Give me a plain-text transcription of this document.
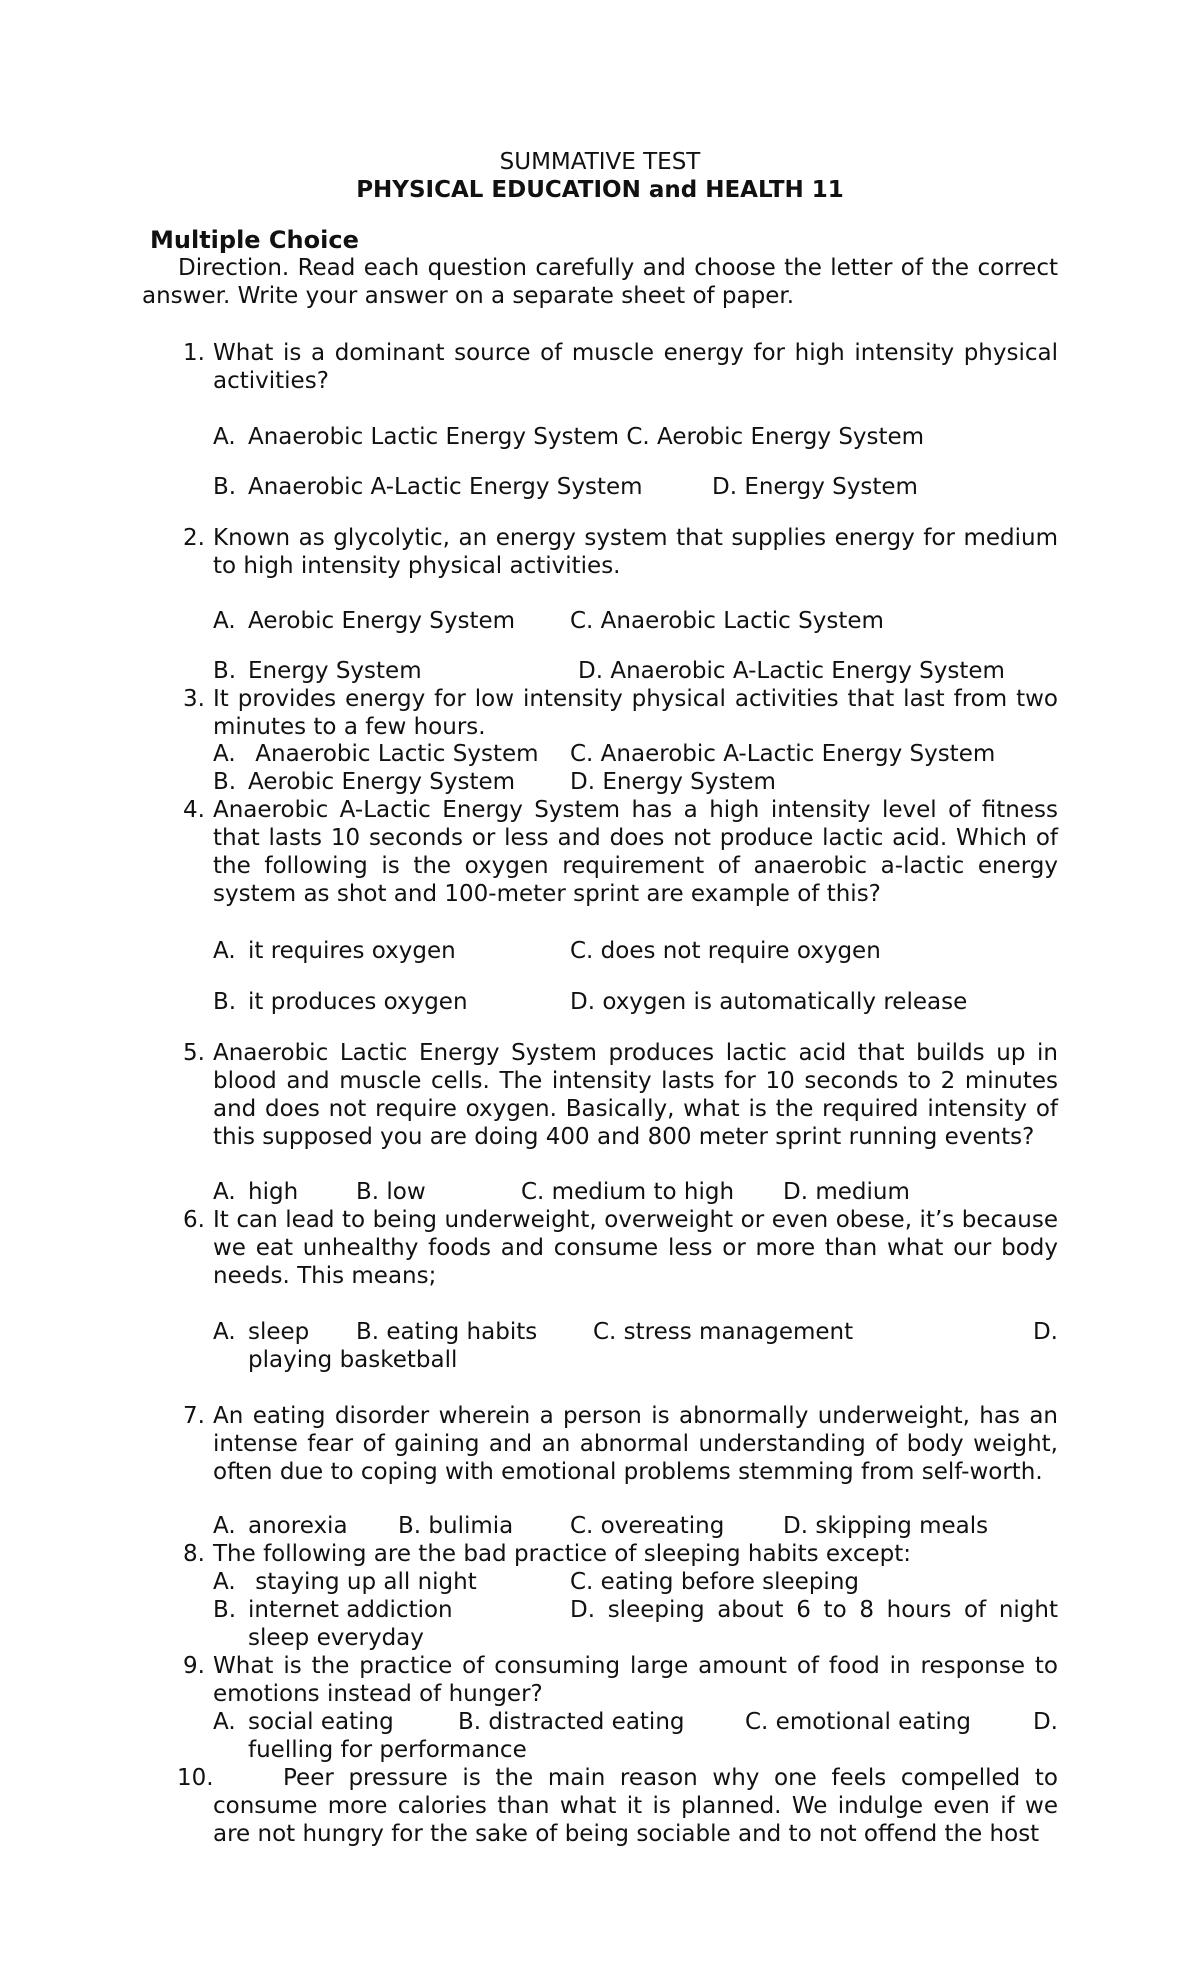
SUMMATIVE TEST
PHYSICAL EDUCATION and HEALTH 11
Multiple Choice
Direction. Read each question carefully and choose the letter of the correct answer. Write your answer on a separate sheet of paper.
1. What is a dominant source of muscle energy for high intensity physical activities?
A. Anaerobic Lactic Energy System C. Aerobic Energy System
B. Anaerobic A-Lactic Energy System	D. Energy System
2. Known as glycolytic, an energy system that supplies energy for medium to high intensity physical activities.
A. Aerobic Energy System C. Anaerobic Lactic System
B. Energy System	D. Anaerobic A-Lactic Energy System
3. It provides energy for low intensity physical activities that last from two minutes to a few hours.
A. Anaerobic Lactic System C. Anaerobic A-Lactic Energy System
B. Aerobic Energy System D. Energy System
4. Anaerobic A-Lactic Energy System has a high intensity level of fitness that lasts 10 seconds or less and does not produce lactic acid. Which of the following is the oxygen requirement of anaerobic a-lactic energy system as shot and 100-meter sprint are example of this?
A. it requires oxygen	C. does not require oxygen
B. it produces oxygen	D. oxygen is automatically release
5. Anaerobic Lactic Energy System produces lactic acid that builds up in blood and muscle cells. The intensity lasts for 10 seconds to 2 minutes and does not require oxygen. Basically, what is the required intensity of this supposed you are doing 400 and 800 meter sprint running events?
A. high	B. low	C. medium to high D. medium
6. It can lead to being underweight, overweight or even obese, it’s because we eat unhealthy foods and consume less or more than what our body needs. This means;
A. sleep B. eating habits C. stress management	D.
playing basketball
7. An eating disorder wherein a person is abnormally underweight, has an intense fear of gaining and an abnormal understanding of body weight, often due to coping with emotional problems stemming from self-worth.
A. anorexia B. bulimia C. overeating	D. skipping meals
8. The following are the bad practice of sleeping habits except:
A. staying up all night	C. eating before sleeping
B. internet addiction	D. sleeping about 6 to 8 hours of night
sleep everyday
9. What is the practice of consuming large amount of food in response to emotions instead of hunger?
A. social eating	B. distracted eating	C. emotional eating	D.
fuelling for performance
10.	Peer pressure is the main reason why one feels compelled to consume more calories than what it is planned. We indulge even if we are not hungry for the sake of being sociable and to not offend the host
